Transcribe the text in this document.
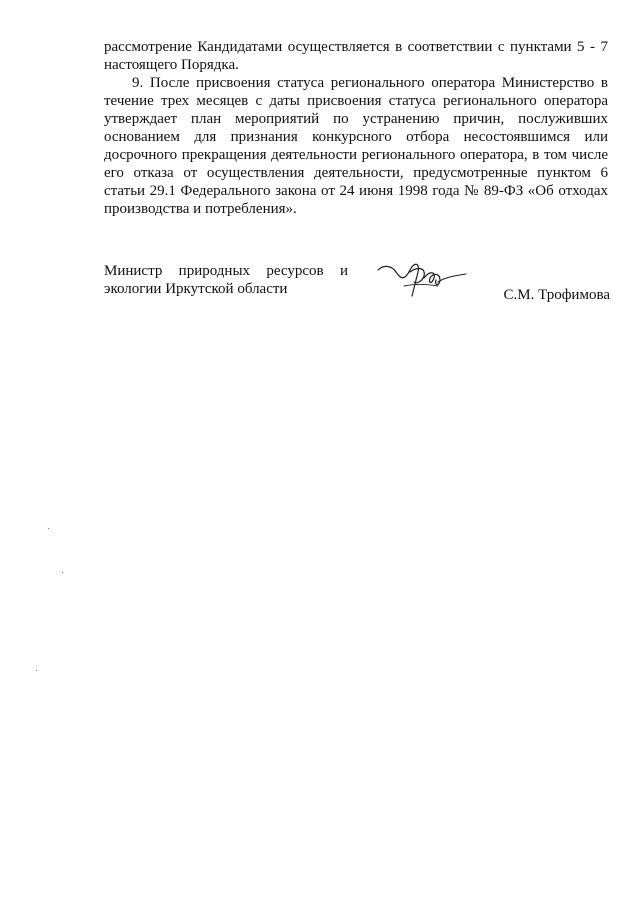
рассмотрение Кандидатами осуществляется в соответствии с пунктами 5 - 7 настоящего Порядка.

9. После присвоения статуса регионального оператора Министерство в течение трех месяцев с даты присвоения статуса регионального оператора утверждает план мероприятий по устранению причин, послуживших основанием для признания конкурсного отбора несостоявшимся или досрочного прекращения деятельности регионального оператора, в том числе его отказа от осуществления деятельности, предусмотренные пунктом 6 статьи 29.1 Федерального закона от 24 июня 1998 года № 89-ФЗ «Об отходах производства и потребления».

Министр природных ресурсов и
экологии Иркутской области	С.М. Трофимова
